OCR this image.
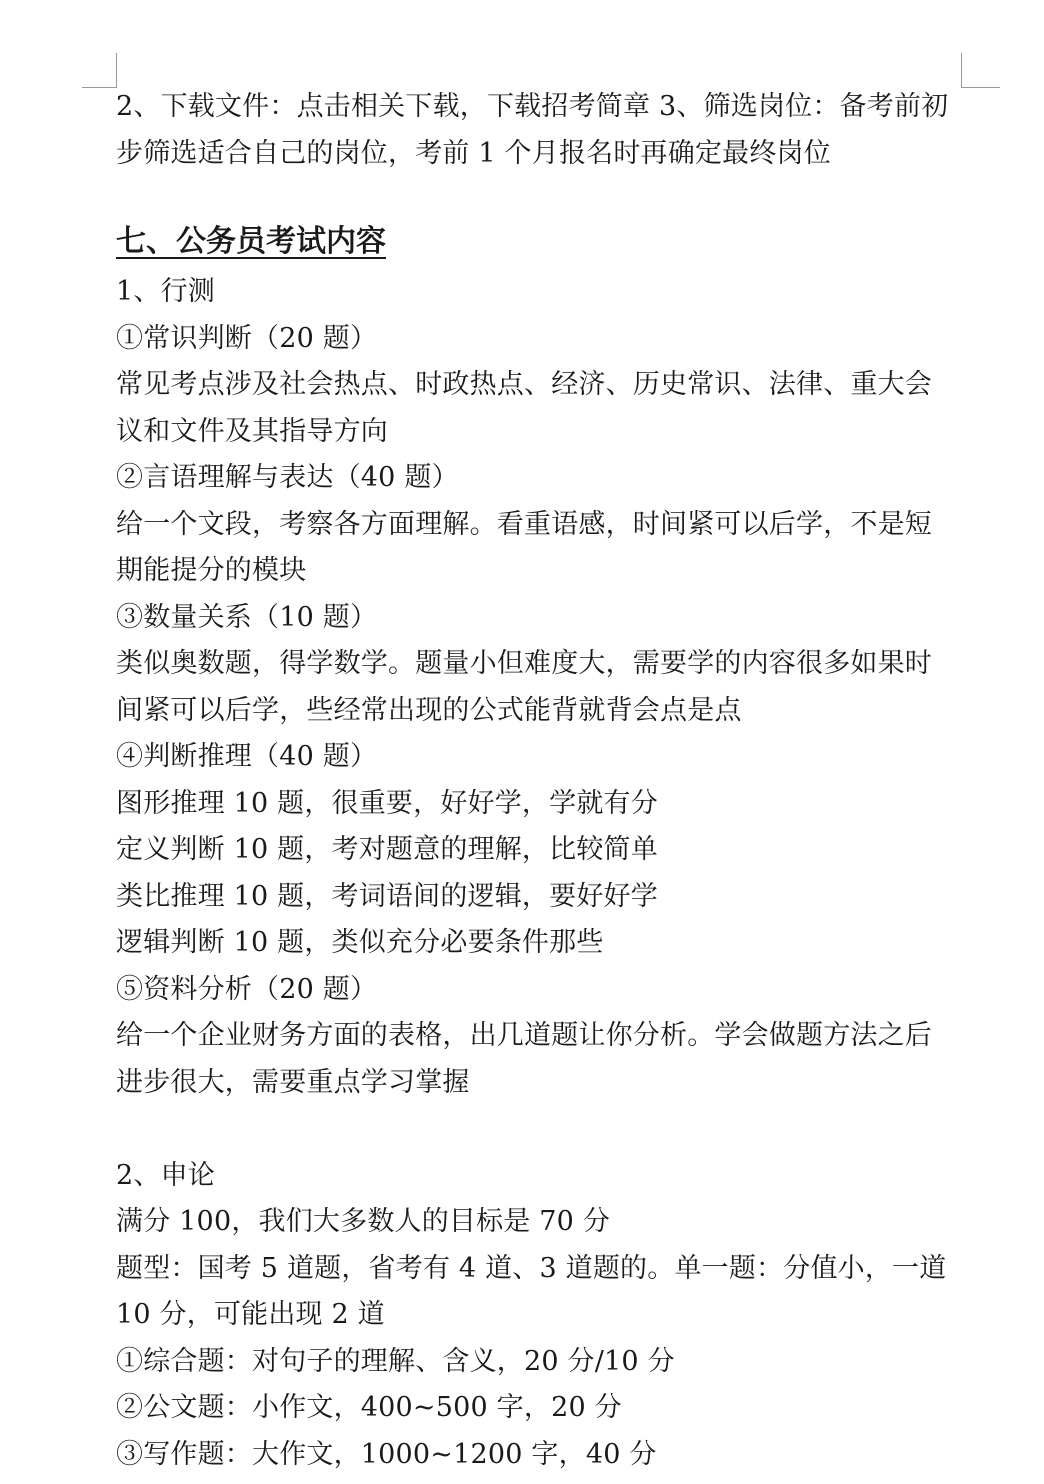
2、下载文件：点击相关下载，下载招考简章 3、筛选岗位：备考前初
步筛选适合自己的岗位，考前 1 个月报名时再确定最终岗位
七、公务员考试内容
1、行测
①常识判断（20 题）
常见考点涉及社会热点、时政热点、经济、历史常识、法律、重大会
议和文件及其指导方向
②言语理解与表达（40 题）
给一个文段，考察各方面理解。看重语感，时间紧可以后学，不是短
期能提分的模块
③数量关系（10 题）
类似奥数题，得学数学。题量小但难度大，需要学的内容很多如果时
间紧可以后学，些经常出现的公式能背就背会点是点
④判断推理（40 题）
图形推理 10 题，很重要，好好学，学就有分
定义判断 10 题，考对题意的理解，比较简单
类比推理 10 题，考词语间的逻辑，要好好学
逻辑判断 10 题，类似充分必要条件那些
⑤资料分析（20 题）
给一个企业财务方面的表格，出几道题让你分析。学会做题方法之后
进步很大，需要重点学习掌握
2、申论
满分 100，我们大多数人的目标是 70 分
题型：国考 5 道题，省考有 4 道、3 道题的。单一题：分值小，一道
10 分，可能出现 2 道
①综合题：对句子的理解、含义，20 分/10 分
②公文题：小作文，400~500 字，20 分
③写作题：大作文，1000~1200 字，40 分
